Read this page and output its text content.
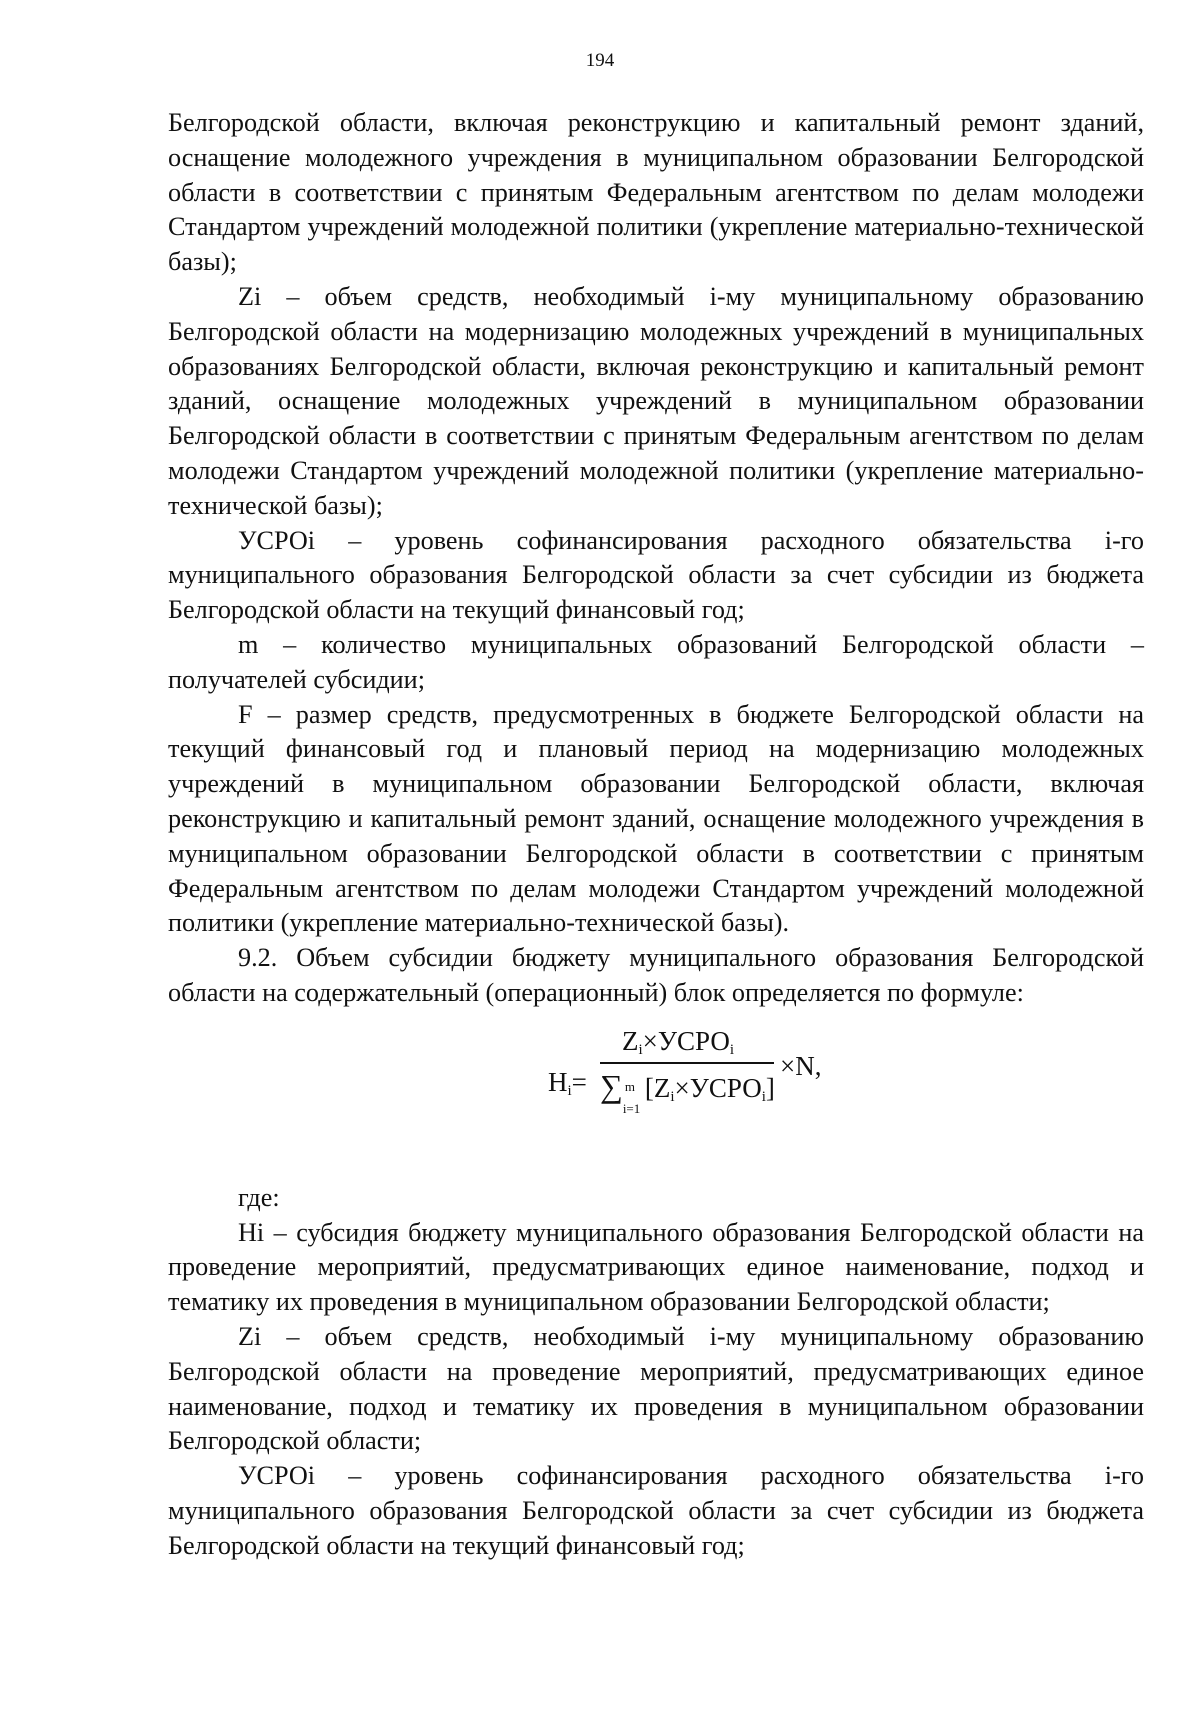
194

Белгородской области, включая реконструкцию и капитальный ремонт зданий, оснащение молодежного учреждения в муниципальном образовании Белгородской области в соответствии с принятым Федеральным агентством по делам молодежи Стандартом учреждений молодежной политики (укрепление материально-технической базы);

Zi – объем средств, необходимый i-му муниципальному образованию Белгородской области на модернизацию молодежных учреждений в муниципальных образованиях Белгородской области, включая реконструкцию и капитальный ремонт зданий, оснащение молодежных учреждений в муниципальном образовании Белгородской области в соответствии с принятым Федеральным агентством по делам молодежи Стандартом учреждений молодежной политики (укрепление материально-технической базы);

УСРОi – уровень софинансирования расходного обязательства i-го муниципального образования Белгородской области за счет субсидии из бюджета Белгородской области на текущий финансовый год;

m – количество муниципальных образований Белгородской области – получателей субсидии;

F – размер средств, предусмотренных в бюджете Белгородской области на текущий финансовый год и плановый период на модернизацию молодежных учреждений в муниципальном образовании Белгородской области, включая реконструкцию и капитальный ремонт зданий, оснащение молодежного учреждения в муниципальном образовании Белгородской области в соответствии с принятым Федеральным агентством по делам молодежи Стандартом учреждений молодежной политики (укрепление материально-технической базы).

9.2. Объем субсидии бюджету муниципального образования Белгородской области на содержательный (операционный) блок определяется по формуле:

$H_i=$
$Z_i\times УСРО_i$
∑ m
i=1
$[Z_i\times УСРО_i]$
×N,

где:

Hi – субсидия бюджету муниципального образования Белгородской области на проведение мероприятий, предусматривающих единое наименование, подход и тематику их проведения в муниципальном образовании Белгородской области;

Zi – объем средств, необходимый i-му муниципальному образованию Белгородской области на проведение мероприятий, предусматривающих единое наименование, подход и тематику их проведения в муниципальном образовании Белгородской области;

УСРОi – уровень софинансирования расходного обязательства i-го муниципального образования Белгородской области за счет субсидии из бюджета Белгородской области на текущий финансовый год;
